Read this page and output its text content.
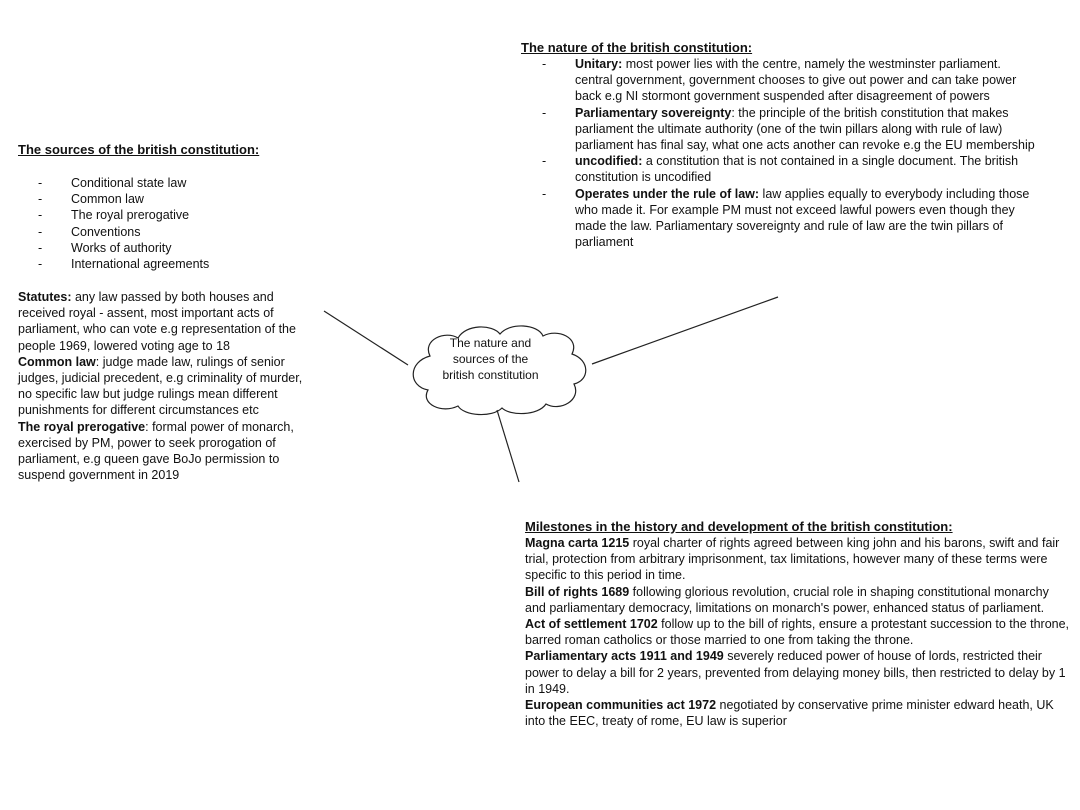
The nature and sources of the british constitution
The nature of the british constitution:
- Unitary: most power lies with the centre, namely the westminster parliament. central government, government chooses to give out power and can take power back e.g NI stormont government suspended after disagreement of powers
- Parliamentary sovereignty: the principle of the british constitution that makes parliament the ultimate authority (one of the twin pillars along with rule of law) parliament has final say, what one acts another can revoke e.g the EU membership
- uncodified: a constitution that is not contained in a single document. The british constitution is uncodified
- Operates under the rule of law: law applies equally to everybody including those who made it. For example PM must not exceed lawful powers even though they made the law. Parliamentary sovereignty and rule of law are the twin pillars of parliament
The sources of the british constitution:
- Conditional state law
- Common law
- The royal prerogative
- Conventions
- Works of authority
- International agreements
Statutes: any law passed by both houses and received royal - assent, most important acts of parliament, who can vote e.g representation of the people 1969, lowered voting age to 18
Common law: judge made law, rulings of senior judges, judicial precedent, e.g criminality of murder, no specific law but judge rulings mean different punishments for different circumstances etc
The royal prerogative: formal power of monarch, exercised by PM, power to seek prorogation of parliament, e.g queen gave BoJo permission to suspend government in 2019
Milestones in the history and development of the british constitution:
Magna carta 1215 royal charter of rights agreed between king john and his barons, swift and fair trial, protection from arbitrary imprisonment, tax limitations, however many of these terms were specific to this period in time.
Bill of rights 1689 following glorious revolution, crucial role in shaping constitutional monarchy and parliamentary democracy, limitations on monarch's power, enhanced status of parliament.
Act of settlement 1702 follow up to the bill of rights, ensure a protestant succession to the throne, barred roman catholics or those married to one from taking the throne.
Parliamentary acts 1911 and 1949 severely reduced power of house of lords, restricted their power to delay a bill for 2 years, prevented from delaying money bills, then restricted to delay by 1 in 1949.
European communities act 1972 negotiated by conservative prime minister edward heath, UK into the EEC, treaty of rome, EU law is superior
